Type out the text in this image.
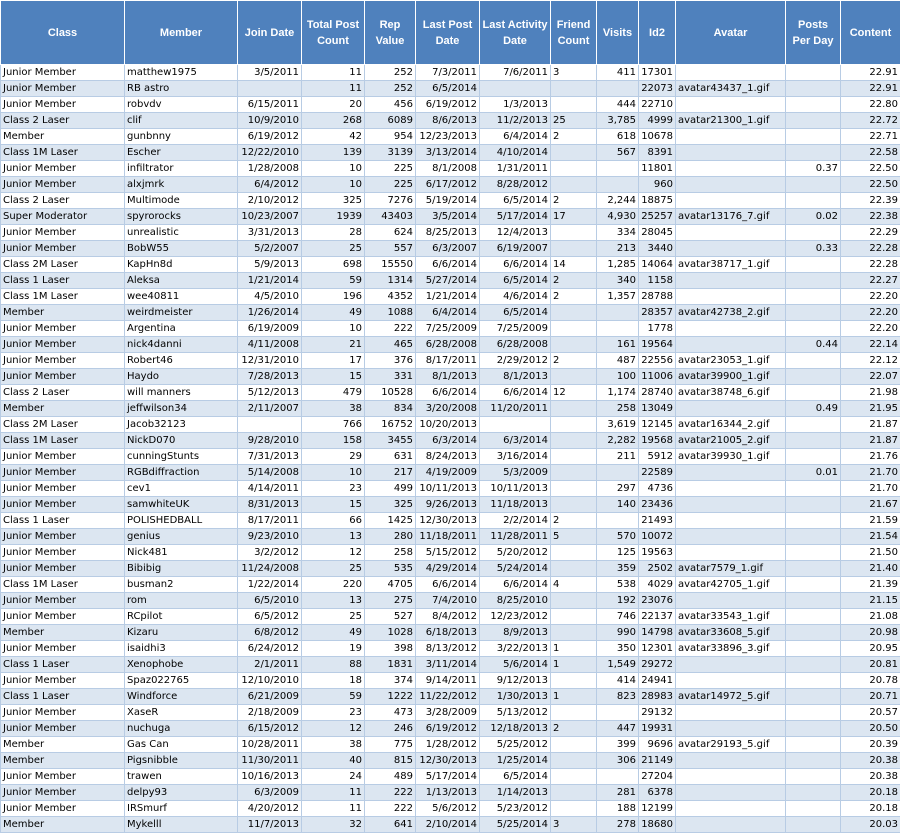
Class	Member	Join Date	Total Post Count	Rep Value	Last Post Date	Last Activity Date	Friend Count	Visits	Id2	Avatar	Posts Per Day	Content
Junior Member	matthew1975	3/5/2011	11	252	7/3/2011	7/6/2011	3	411	17301			22.91
Junior Member	RB astro		11	252	6/5/2014				22073	avatar43437_1.gif		22.91
Junior Member	robvdv	6/15/2011	20	456	6/19/2012	1/3/2013		444	22710			22.80
Class 2 Laser	clif	10/9/2010	268	6089	8/6/2013	11/2/2013	25	3,785	4999	avatar21300_1.gif		22.72
Member	gunbnny	6/19/2012	42	954	12/23/2013	6/4/2014	2	618	10678			22.71
Class 1M Laser	Escher	12/22/2010	139	3139	3/13/2014	4/10/2014		567	8391			22.58
Junior Member	infiltrator	1/28/2008	10	225	8/1/2008	1/31/2011			11801		0.37	22.50
Junior Member	alxjmrk	6/4/2012	10	225	6/17/2012	8/28/2012			960			22.50
Class 2 Laser	Multimode	2/10/2012	325	7276	5/19/2014	6/5/2014	2	2,244	18875			22.39
Super Moderator	spyrorocks	10/23/2007	1939	43403	3/5/2014	5/17/2014	17	4,930	25257	avatar13176_7.gif	0.02	22.38
Junior Member	unrealistic	3/31/2013	28	624	8/25/2013	12/4/2013		334	28045			22.29
Junior Member	BobW55	5/2/2007	25	557	6/3/2007	6/19/2007		213	3440		0.33	22.28
Class 2M Laser	KapHn8d	5/9/2013	698	15550	6/6/2014	6/6/2014	14	1,285	14064	avatar38717_1.gif		22.28
Class 1 Laser	Aleksa	1/21/2014	59	1314	5/27/2014	6/5/2014	2	340	1158			22.27
Class 1M Laser	wee40811	4/5/2010	196	4352	1/21/2014	4/6/2014	2	1,357	28788			22.20
Member	weirdmeister	1/26/2014	49	1088	6/4/2014	6/5/2014			28357	avatar42738_2.gif		22.20
Junior Member	Argentina	6/19/2009	10	222	7/25/2009	7/25/2009			1778			22.20
Junior Member	nick4danni	4/11/2008	21	465	6/28/2008	6/28/2008		161	19564		0.44	22.14
Junior Member	Robert46	12/31/2010	17	376	8/17/2011	2/29/2012	2	487	22556	avatar23053_1.gif		22.12
Junior Member	Haydo	7/28/2013	15	331	8/1/2013	8/1/2013		100	11006	avatar39900_1.gif		22.07
Class 2 Laser	will manners	5/12/2013	479	10528	6/6/2014	6/6/2014	12	1,174	28740	avatar38748_6.gif		21.98
Member	jeffwilson34	2/11/2007	38	834	3/20/2008	11/20/2011		258	13049		0.49	21.95
Class 2M Laser	Jacob32123		766	16752	10/20/2013			3,619	12145	avatar16344_2.gif		21.87
Class 1M Laser	NickD070	9/28/2010	158	3455	6/3/2014	6/3/2014		2,282	19568	avatar21005_2.gif		21.87
Junior Member	cunningStunts	7/31/2013	29	631	8/24/2013	3/16/2014		211	5912	avatar39930_1.gif		21.76
Junior Member	RGBdiffraction	5/14/2008	10	217	4/19/2009	5/3/2009			22589		0.01	21.70
Junior Member	cev1	4/14/2011	23	499	10/11/2013	10/11/2013		297	4736			21.70
Junior Member	samwhiteUK	8/31/2013	15	325	9/26/2013	11/18/2013		140	23436			21.67
Class 1 Laser	POLISHEDBALL	8/17/2011	66	1425	12/30/2013	2/2/2014	2		21493			21.59
Junior Member	genius	9/23/2010	13	280	11/18/2011	11/28/2011	5	570	10072			21.54
Junior Member	Nick481	3/2/2012	12	258	5/15/2012	5/20/2012		125	19563			21.50
Junior Member	Bibibig	11/24/2008	25	535	4/29/2014	5/24/2014		359	2502	avatar7579_1.gif		21.40
Class 1M Laser	busman2	1/22/2014	220	4705	6/6/2014	6/6/2014	4	538	4029	avatar42705_1.gif		21.39
Junior Member	rom	6/5/2010	13	275	7/4/2010	8/25/2010		192	23076			21.15
Junior Member	RCpilot	6/5/2012	25	527	8/4/2012	12/23/2012		746	22137	avatar33543_1.gif		21.08
Member	Kizaru	6/8/2012	49	1028	6/18/2013	8/9/2013		990	14798	avatar33608_5.gif		20.98
Junior Member	isaidhi3	6/24/2012	19	398	8/13/2012	3/22/2013	1	350	12301	avatar33896_3.gif		20.95
Class 1 Laser	Xenophobe	2/1/2011	88	1831	3/11/2014	5/6/2014	1	1,549	29272			20.81
Junior Member	Spaz022765	12/10/2010	18	374	9/14/2011	9/12/2013		414	24941			20.78
Class 1 Laser	Windforce	6/21/2009	59	1222	11/22/2012	1/30/2013	1	823	28983	avatar14972_5.gif		20.71
Junior Member	XaseR	2/18/2009	23	473	3/28/2009	5/13/2012			29132			20.57
Junior Member	nuchuga	6/15/2012	12	246	6/19/2012	12/18/2013	2	447	19931			20.50
Member	Gas Can	10/28/2011	38	775	1/28/2012	5/25/2012		399	9696	avatar29193_5.gif		20.39
Member	Pigsnibble	11/30/2011	40	815	12/30/2013	1/25/2014		306	21149			20.38
Junior Member	trawen	10/16/2013	24	489	5/17/2014	6/5/2014			27204			20.38
Junior Member	delpy93	6/3/2009	11	222	1/13/2013	1/14/2013		281	6378			20.18
Junior Member	IRSmurf	4/20/2012	11	222	5/6/2012	5/23/2012		188	12199			20.18
Member	Mykelll	11/7/2013	32	641	2/10/2014	5/25/2014	3	278	18680			20.03
